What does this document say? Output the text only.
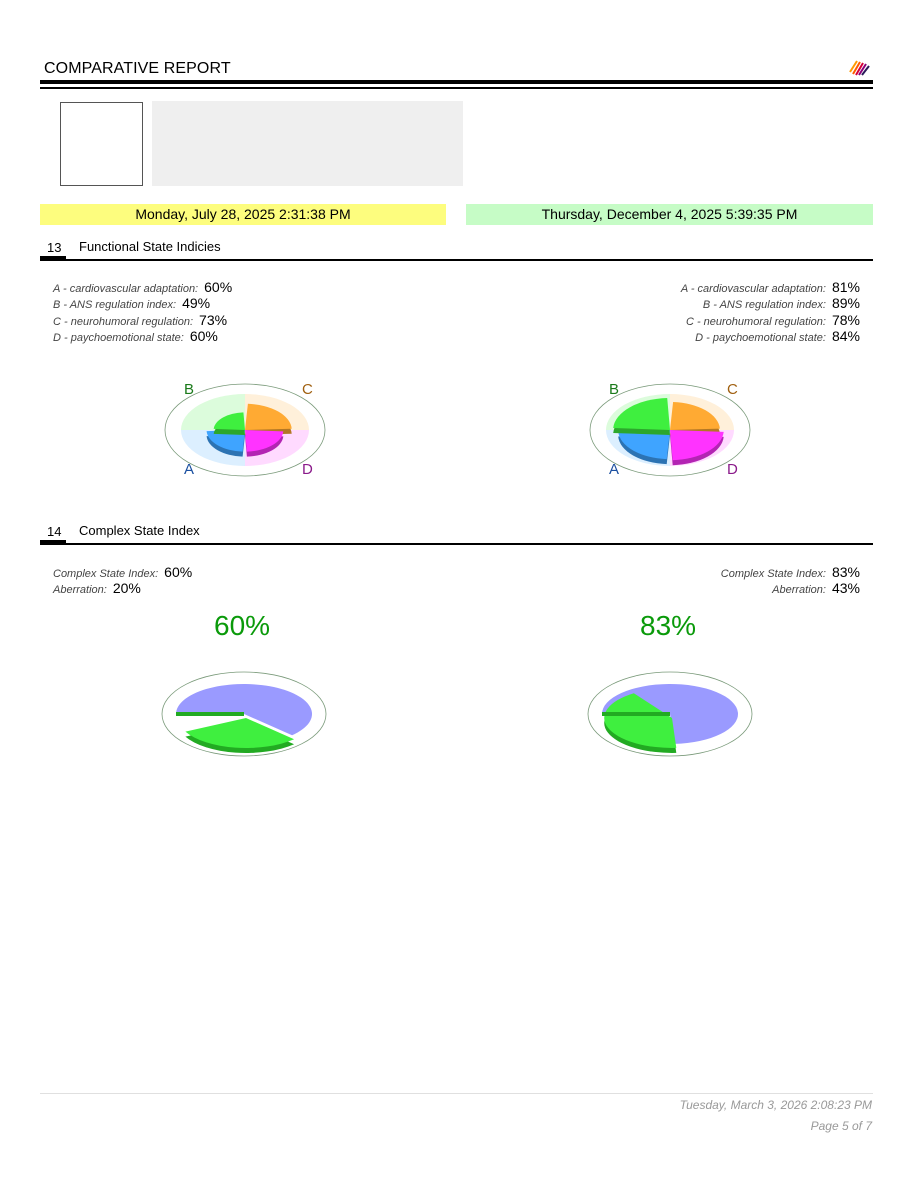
COMPARATIVE REPORT
Monday, July 28, 2025 2:31:38 PM	Thursday, December 4, 2025 5:39:35 PM
13 Functional State Indicies
A - cardiovascular adaptation: 60%
B - ANS regulation index: 49%
C - neurohumoral regulation: 73%
D - paychoemotional state: 60%
A - cardiovascular adaptation: 81%
B - ANS regulation index: 89%
C - neurohumoral regulation: 78%
D - paychoemotional state: 84%
A
B	C
D	A
B	C
D
14 Complex State Index
Complex State Index: 60%
Aberration: 20%
Complex State Index: 83%
Aberration: 43%
60%	83%
Tuesday, March 3, 2026 2:08:23 PM
Page 5 of 7
